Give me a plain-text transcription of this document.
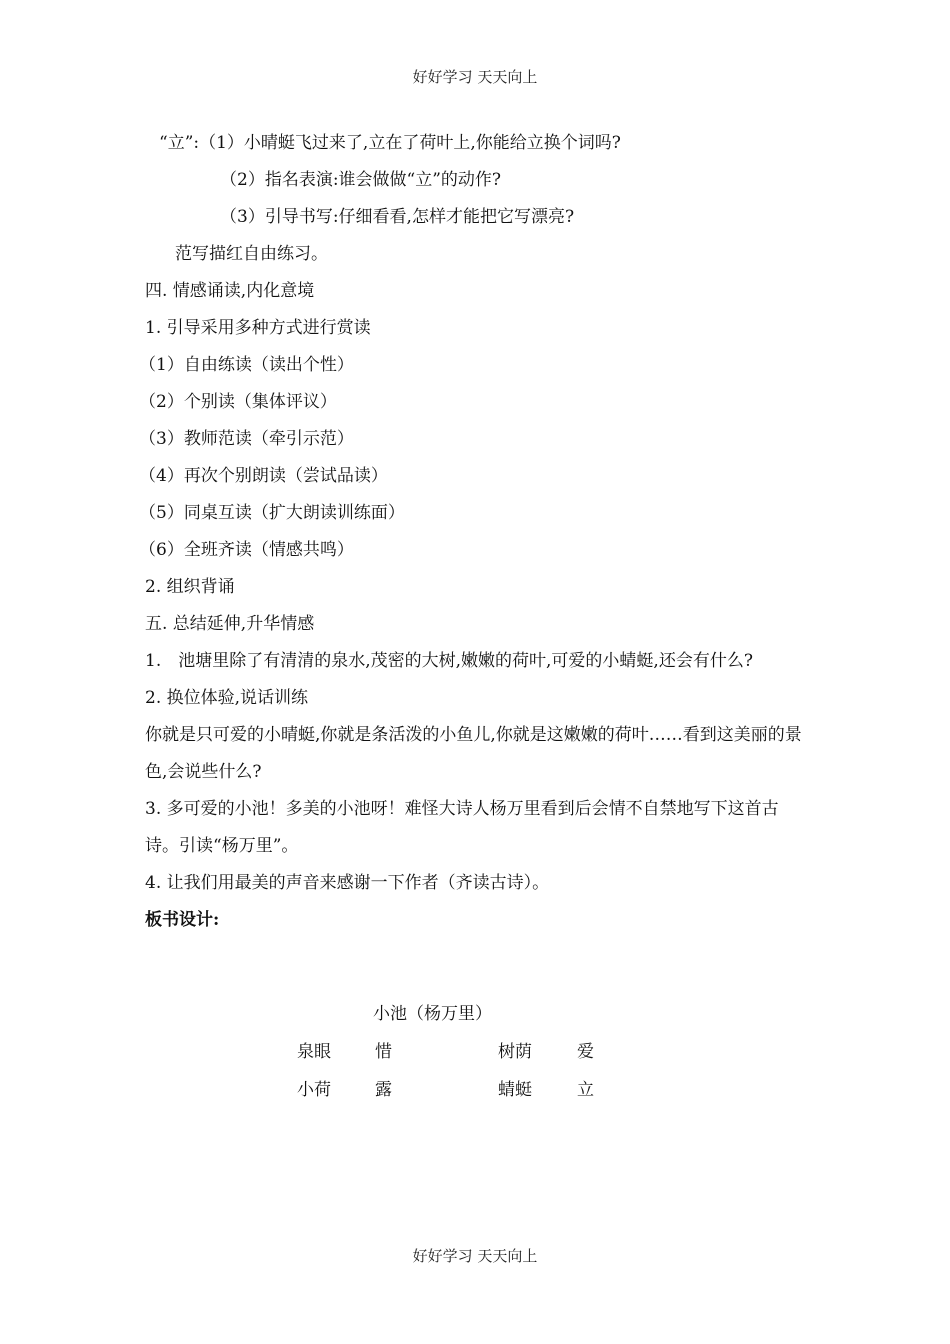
好好学习 天天向上
“立”:（1）小晴蜓飞过来了,立在了荷叶上,你能给立换个词吗?
（2）指名表演:谁会做做“立”的动作?
（3）引导书写:仔细看看,怎样才能把它写漂亮?
范写描红自由练习。
四. 情感诵读,内化意境
1. 引导采用多种方式进行赏读
（1）自由练读（读出个性）
（2）个别读（集体评议）
（3）教师范读（牵引示范）
（4）再次个别朗读（尝试品读）
（5）同桌互读（扩大朗读训练面）
（6）全班齐读（情感共鸣）
2. 组织背诵
五. 总结延伸,升华情感
1.　池塘里除了有清清的泉水,茂密的大树,嫩嫩的荷叶,可爱的小蜻蜓,还会有什么?
2. 换位体验,说话训练
你就是只可爱的小晴蜓,你就是条活泼的小鱼儿,你就是这嫩嫩的荷叶……看到这美丽的景色,会说些什么?
3. 多可爱的小池！多美的小池呀！难怪大诗人杨万里看到后会情不自禁地写下这首古诗。引读“杨万里”。
4. 让我们用最美的声音来感谢一下作者（齐读古诗）。
板书设计:
小池（杨万里）
泉眼	惜	树荫	爱
小荷	露	蜻蜓	立
好好学习 天天向上
